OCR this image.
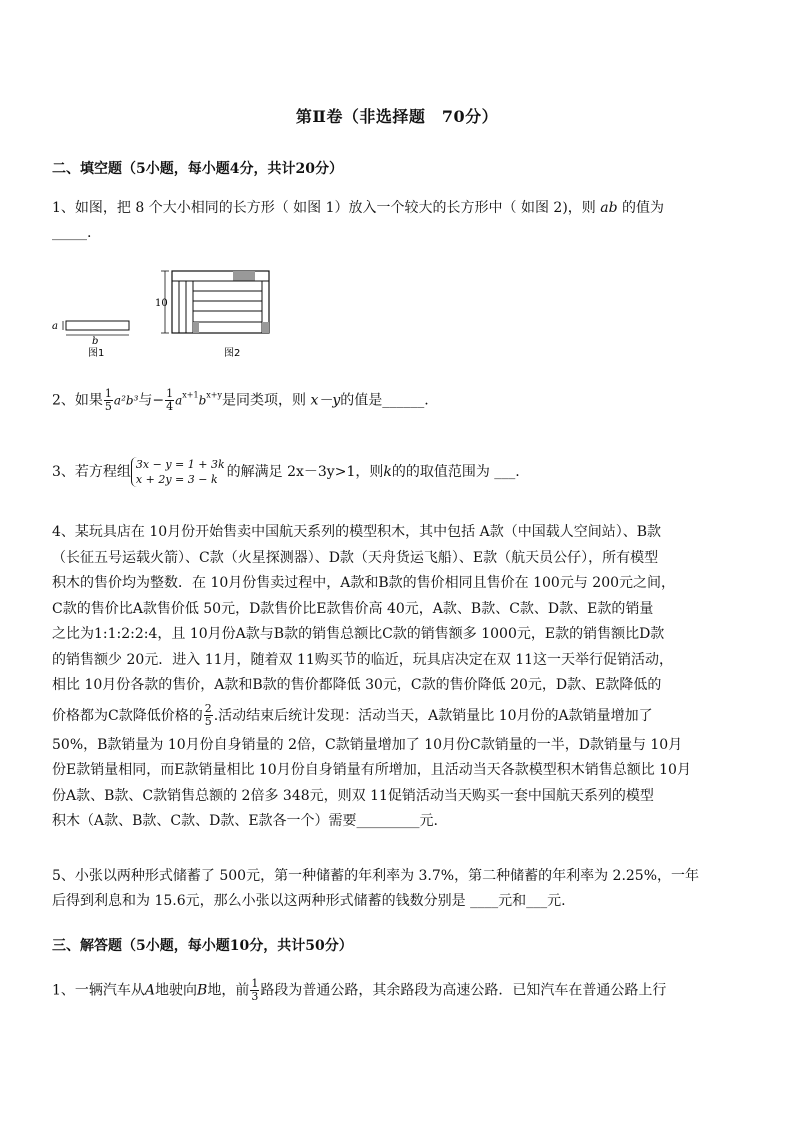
第Ⅱ卷（非选择题　70分）
二、填空题（5小题，每小题4分，共计20分）
1、如图，把 8 个大小相同的长方形（ 如图 1）放入一个较大的长方形中（ 如图 2)，则 ab 的值为
_____.
a
b
图1
10
图2
2、如果 $\frac{1}{5} a^2b^3$与− $\frac{1}{4} a^{x+1}b^{x+y}$是同类项，则 x－y的值是______.
3、若方程组 3x − y = 1 + 3k
x + 2y = 3 − k 的解满足 2x－3y>1，则k的的取值范围为 ___.
4、某玩具店在 10月份开始售卖中国航天系列的模型积木，其中包括 A款（中国载人空间站）、B款
（长征五号运载火箭）、C款（火星探测器）、D款（天舟货运飞船）、E款（航天员公仔），所有模型
积木的售价均为整数．在 10月份售卖过程中，A款和B款的售价相同且售价在 100元与 200元之间，
C款的售价比A款售价低 50元，D款售价比E款售价高 40元，A款、B款、C款、D款、E款的销量
之比为1:1:2:2:4，且 10月份A款与B款的销售总额比C款的销售额多 1000元，E款的销售额比D款
的销售额少 20元．进入 11月，随着双 11购买节的临近，玩具店决定在双 11这一天举行促销活动，
相比 10月份各款的售价，A款和B款的售价都降低 30元，C款的售价降低 20元，D款、E款降低的
价格都为C款降低价格的 $\frac{2}{5}$ .活动结束后统计发现：活动当天，A款销量比 10月份的A款销量增加了
50%，B款销量为 10月份自身销量的 2倍，C款销量增加了 10月份C款销量的一半，D款销量与 10月
份E款销量相同，而E款销量相比 10月份自身销量有所增加，且活动当天各款模型积木销售总额比 10月
份A款、B款、C款销售总额的 2倍多 348元，则双 11促销活动当天购买一套中国航天系列的模型
积木（A款、B款、C款、D款、E款各一个）需要_________元.
5、小张以两种形式储蓄了 500元，第一种储蓄的年利率为 3.7%，第二种储蓄的年利率为 2.25%，一年
后得到利息和为 15.6元，那么小张以这两种形式储蓄的钱数分别是 ____元和___元.
三、解答题（5小题，每小题10分，共计50分）
1、一辆汽车从A地驶向B地，前 $\frac{1}{3}$ 路段为普通公路，其余路段为高速公路．已知汽车在普通公路上行
